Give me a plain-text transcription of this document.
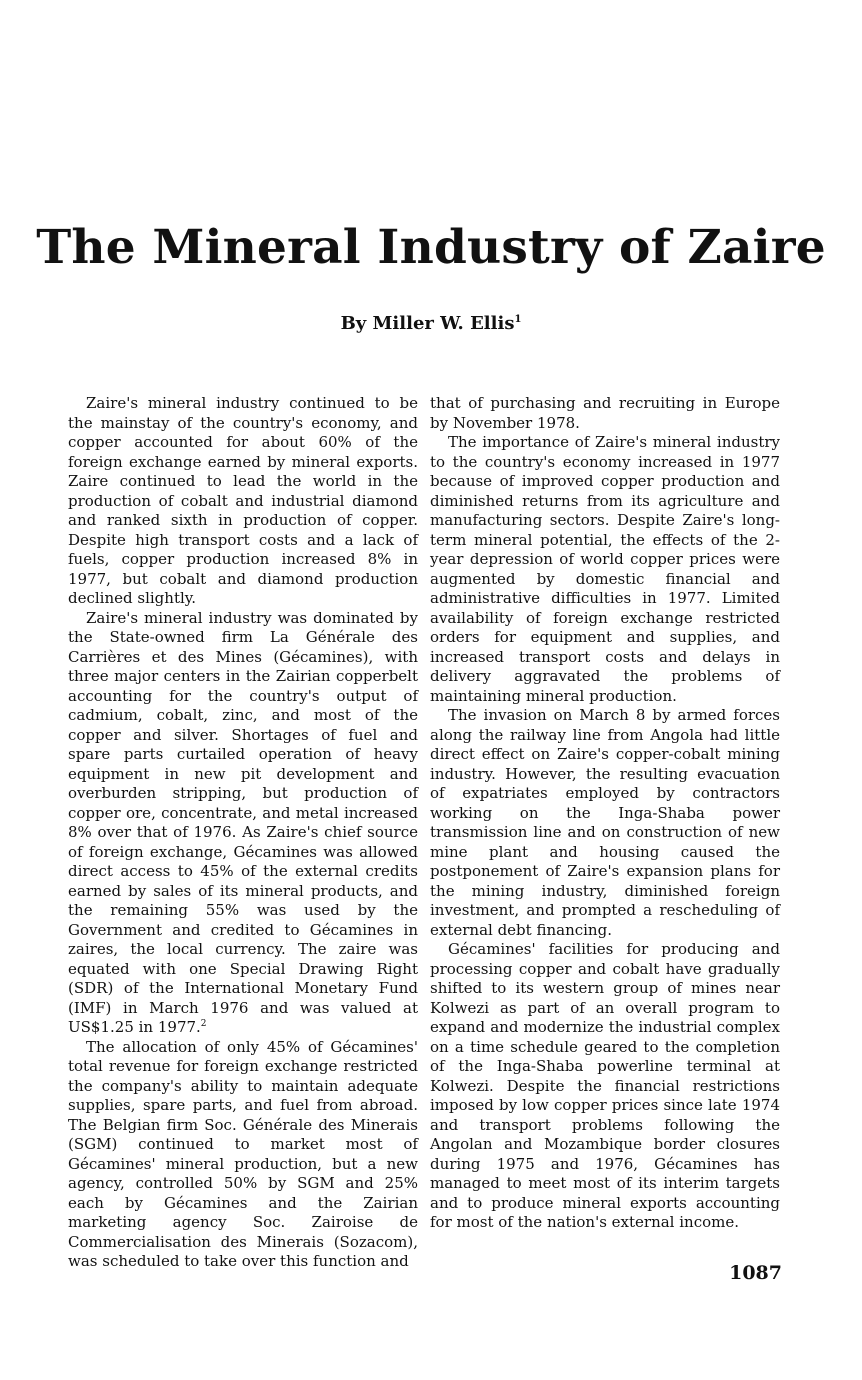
The Mineral Industry of Zaire
By Miller W. Ellis$^1$

Zaire's mineral industry continued to be the mainstay of the country's economy, and copper accounted for about 60% of the foreign exchange earned by mineral exports. Zaire continued to lead the world in the production of cobalt and industrial diamond and ranked sixth in production of copper. Despite high transport costs and a lack of fuels, copper production increased 8% in 1977, but cobalt and diamond production declined slightly.

Zaire's mineral industry was dominated by the State-owned firm La Générale des Carrières et des Mines (Gécamines), with three major centers in the Zairian copperbelt accounting for the country's output of cadmium, cobalt, zinc, and most of the copper and silver. Shortages of fuel and spare parts curtailed operation of heavy equipment in new pit development and overburden stripping, but production of copper ore, concentrate, and metal increased 8% over that of 1976. As Zaire's chief source of foreign exchange, Gécamines was allowed direct access to 45% of the external credits earned by sales of its mineral products, and the remaining 55% was used by the Government and credited to Gécamines in zaires, the local currency. The zaire was equated with one Special Drawing Right (SDR) of the International Monetary Fund (IMF) in March 1976 and was valued at US$1.25 in 1977.$^2$

The allocation of only 45% of Gécamines' total revenue for foreign exchange restricted the company's ability to maintain adequate supplies, spare parts, and fuel from abroad. The Belgian firm Soc. Générale des Minerais (SGM) continued to market most of Gécamines' mineral production, but a new agency, controlled 50% by SGM and 25% each by Gécamines and the Zairian marketing agency Soc. Zairoise de Commercialisation des Minerais (Sozacom), was scheduled to take over this function and

that of purchasing and recruiting in Europe by November 1978.

The importance of Zaire's mineral industry to the country's economy increased in 1977 because of improved copper production and diminished returns from its agriculture and manufacturing sectors. Despite Zaire's long-term mineral potential, the effects of the 2-year depression of world copper prices were augmented by domestic financial and administrative difficulties in 1977. Limited availability of foreign exchange restricted orders for equipment and supplies, and increased transport costs and delays in delivery aggravated the problems of maintaining mineral production.

The invasion on March 8 by armed forces along the railway line from Angola had little direct effect on Zaire's copper-cobalt mining industry. However, the resulting evacuation of expatriates employed by contractors working on the Inga-Shaba power transmission line and on construction of new mine plant and housing caused the postponement of Zaire's expansion plans for the mining industry, diminished foreign investment, and prompted a rescheduling of external debt financing.

Gécamines' facilities for producing and processing copper and cobalt have gradually shifted to its western group of mines near Kolwezi as part of an overall program to expand and modernize the industrial complex on a time schedule geared to the completion of the Inga-Shaba powerline terminal at Kolwezi. Despite the financial restrictions imposed by low copper prices since late 1974 and transport problems following the Angolan and Mozambique border closures during 1975 and 1976, Gécamines has managed to meet most of its interim targets and to produce mineral exports accounting for most of the nation's external income.

1087
